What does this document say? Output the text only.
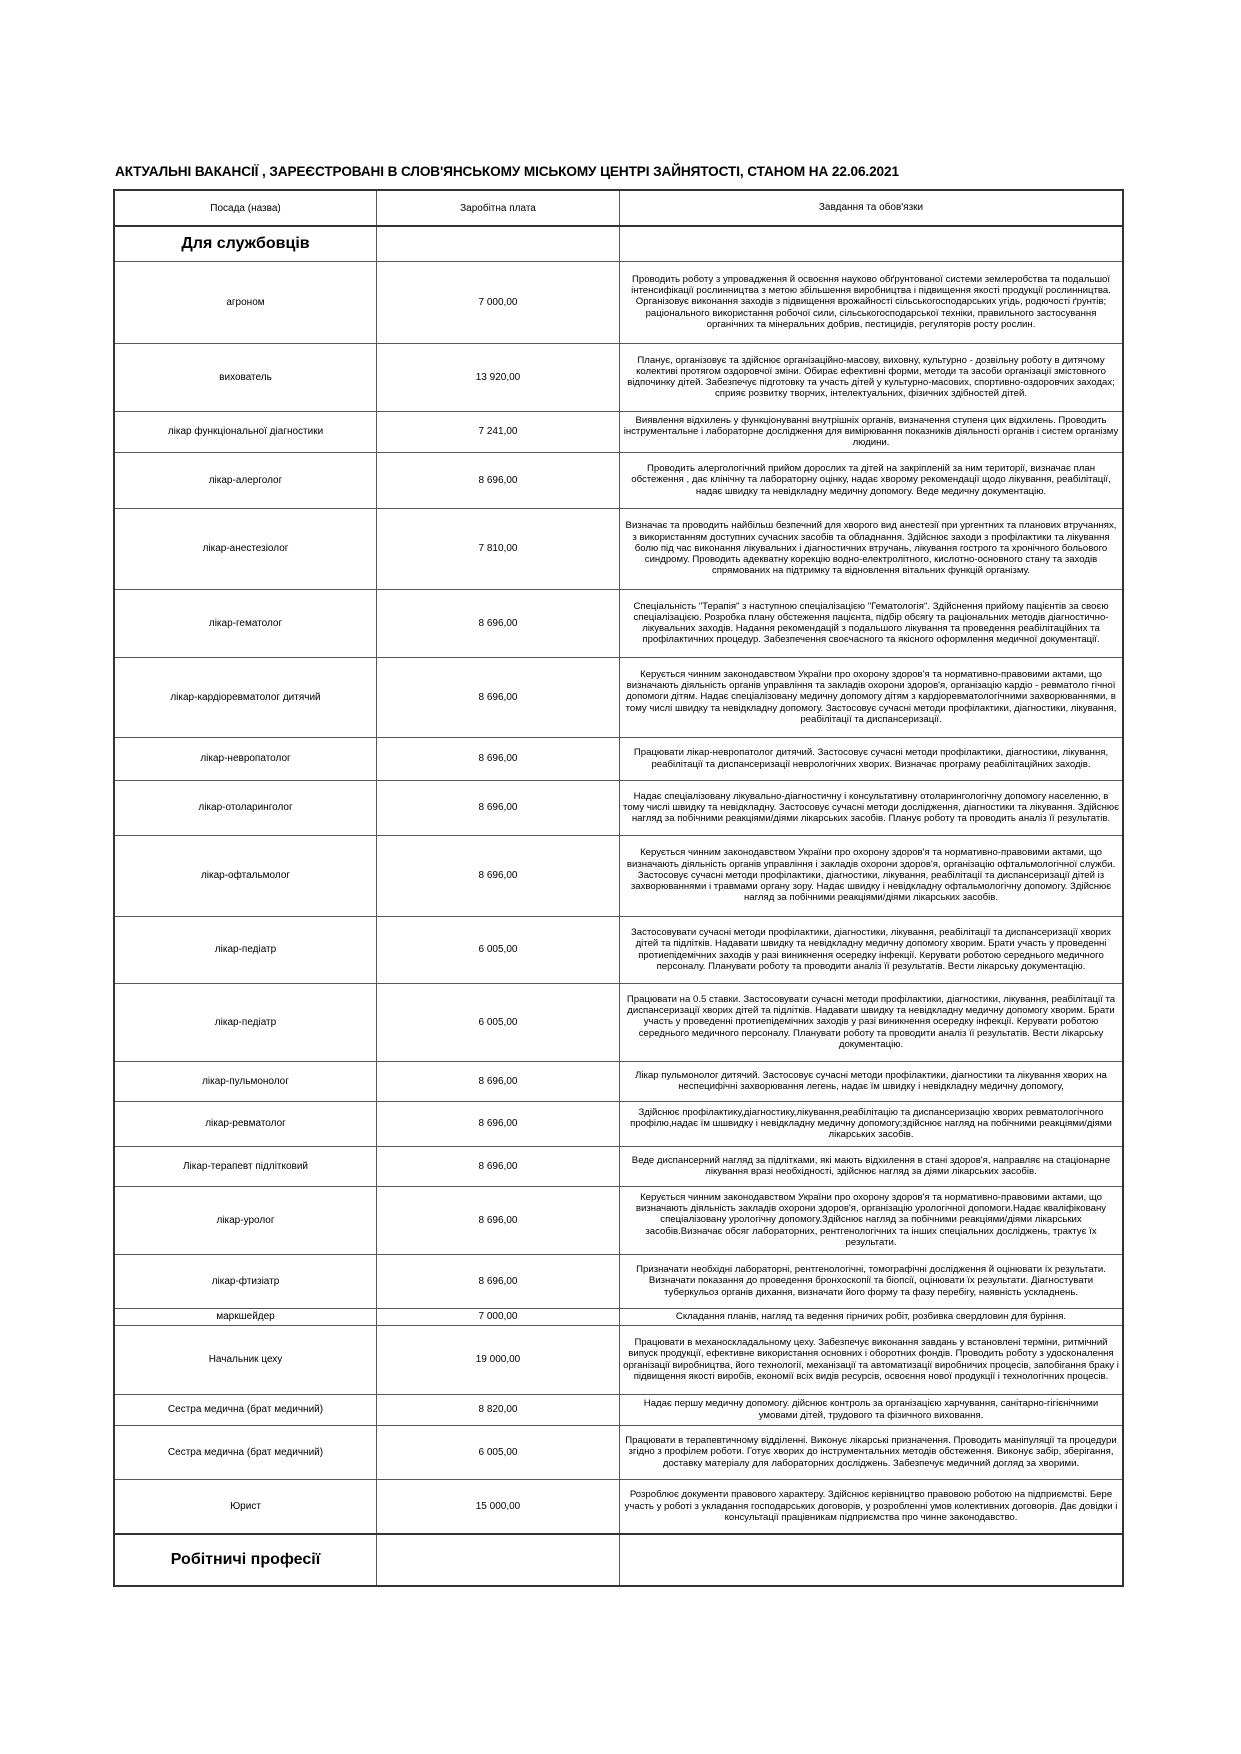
АКТУАЛЬНІ ВАКАНСІЇ , ЗАРЕЄСТРОВАНІ В СЛОВ'ЯНСЬКОМУ МІСЬКОМУ ЦЕНТРІ ЗАЙНЯТОСТІ, СТАНОМ НА 22.06.2021
Посада (назва)	Заробітна плата	Завдання та обов'язки
Для службовців		
агроном	7 000,00	Проводить роботу з упровадження й освоєння науково обґрунтованої системи землеробства та подальшої інтенсифікації рослинництва з метою збільшення виробництва і підвищення якості продукції рослинництва. Організовує виконання заходів з підвищення врожайності сільськогосподарських угідь, родючості ґрунтів; раціонального використання робочої сили, сільськогосподарської техніки, правильного застосування органічних та мінеральних добрив, пестицидів, регуляторів росту рослин.
вихователь	13 920,00	Планує, організовує та здійснює організаційно-масову, виховну, культурно - дозвільну роботу в дитячому колективі протягом оздоровчої зміни. Обирає ефективні форми, методи та засоби організації змістовного відпочинку дітей. Забезпечує підготовку та участь дітей у культурно-масових, спортивно-оздоровчих заходах; сприяє розвитку творчих, інтелектуальних, фізичних здібностей дітей.
лікар функціональної діагностики	7 241,00	Виявлення відхилень у функціонуванні внутрішніх органів, визначення ступеня цих відхилень. Проводить інструментальне і лабораторне дослідження для вимірювання показників діяльності органів і систем організму людини.
лікар-алерголог	8 696,00	Проводить алергологічний прийом дорослих та дітей на закріпленій за ним території, визначає план обстеження , дає клінічну та лабораторну оцінку, надає хворому рекомендації щодо лікування, реабілітації, надає швидку та невідкладну медичну допомогу. Веде медичну документацію.
лікар-анестезіолог	7 810,00	Визначає та проводить найбільш безпечний для хворого вид анестезії при ургентних та планових втручаннях, з використанням доступних сучасних засобів та обладнання. Здійснює заходи з профілактики та лікування болю під час виконання лікувальних і діагностичних втручань, лікування гострого та хронічного больового синдрому. Проводить адекватну корекцію водно-електролітного, кислотно-основного стану та заходів спрямованих на підтримку та відновлення вітальних функцій організму.
лікар-гематолог	8 696,00	Спеціальність "Терапія" з наступною спеціалізацією "Гематологія". Здійснення прийому пацієнтів за своєю спеціалізацією. Розробка плану обстеження пацієнта, підбір обсягу та раціональних методів діагностично-лікувальних заходів. Надання рекомендацій з подальшого лікування та проведення реабілітаційних та профілактичних процедур. Забезпечення своєчасного та якісного оформлення медичної документації.
лікар-кардіоревматолог дитячий	8 696,00	Керується чинним законодавством України про охорону здоров'я та нормативно-правовими актами, що визначають діяльність органів управління та закладів охорони здоров'я, організацію кардіо - ревматоло гічної допомоги дітям. Надає спеціалізовану медичну допомогу дітям з кардіоревматологічними захворюваннями, в тому числі швидку та невідкладну допомогу. Застосовує сучасні методи профілактики, діагностики, лікування, реабілітації та диспансеризації.
лікар-невропатолог	8 696,00	Працювати лікар-невропатолог дитячий. Застосовує сучасні методи профілактики, діагностики, лікування, реабілітації та диспансеризації неврологічних хворих. Визначає програму реабілітаційних заходів.
лікар-отоларинголог	8 696,00	Надає спеціалізовану лікувально-діагностичну і консультативну отоларингологічну допомогу населенню, в тому числі швидку та невідкладну. Застосовує сучасні методи дослідження, діагностики та лікування. Здійснює нагляд за побічними реакціями/діями лікарських засобів. Планує роботу та проводить аналіз її результатів.
лікар-офтальмолог	8 696,00	Керується чинним законодавством України про охорону здоров'я та нормативно-правовими актами, що визначають діяльність органів управління і закладів охорони здоров'я, організацію офтальмологічної служби. Застосовує сучасні методи профілактики, діагностики, лікування, реабілітації та диспансеризації дітей із захворюваннями і травмами органу зору. Надає швидку і невідкладну офтальмологічну допомогу. Здійснює нагляд за побічними реакціями/діями лікарських засобів.
лікар-педіатр	6 005,00	Застосовувати сучасні методи профілактики, діагностики, лікування, реабілітації та диспансеризації хворих дітей та підлітків. Надавати швидку та невідкладну медичну допомогу хворим. Брати участь у проведенні протиепідемічних заходів у разі виникнення осередку інфекції. Керувати роботою середнього медичного персоналу. Планувати роботу та проводити аналіз її результатів. Вести лікарську документацію.
лікар-педіатр	6 005,00	Працювати на 0.5 ставки. Застосовувати сучасні методи профілактики, діагностики, лікування, реабілітації та диспансеризації хворих дітей та підлітків. Надавати швидку та невідкладну медичну допомогу хворим. Брати участь у проведенні протиепідемічних заходів у разі виникнення осередку інфекції. Керувати роботою середнього медичного персоналу. Планувати роботу та проводити аналіз її результатів. Вести лікарську документацію.
лікар-пульмонолог	8 696,00	Лікар пульмонолог дитячий. Застосовує сучасні методи профілактики, діагностики та лікування хворих на неспецифічні захворювання легень, надає їм швидку і невідкладну медичну допомогу,
лікар-ревматолог	8 696,00	Здійснює профілактику,діагностику,лікування,реабілітацію та диспансеризацію хворих ревматологічного профілю,надає їм шшвидку і невідкладну медичну допомогу;здійснює нагляд на побічними реакціями/діями лікарських засобів.
Лікар-терапевт підлітковий	8 696,00	Веде диспансерний нагляд за підлітками, які мають відхилення в стані здоров'я, направляє на стаціонарне лікування вразі необхідності, здійснює нагляд за діями лікарських засобів.
лікар-уролог	8 696,00	Керується чинним законодавством України про охорону здоров'я та нормативно-правовими актами, що визначають діяльність закладів охорони здоров'я, організацію урологічної допомоги.Надає кваліфіковану спеціалізовану урологічну допомогу.Здійснює нагляд за побічними реакціями/діями лікарських засобів.Визначає обсяг лабораторних, рентгенологічних та інших спеціальних досліджень, трактує їх результати.
лікар-фтизіатр	8 696,00	Призначати необхідні лабораторні, рентгенологічні, томографічні дослідження й оцінювати їх результати. Визначати показання до проведення бронхоскопії та біопсії, оцінювати їх результати. Діагностувати туберкульоз органів дихання, визначати його форму та фазу перебігу, наявність ускладнень.
маркшейдер	7 000,00	Складання планів, нагляд та ведення гірничих робіт, розбивка свердловин для буріння.
Начальник цеху	19 000,00	Працювати в механоскладальному цеху. Забезпечує виконання завдань у встановлені терміни, ритмічний випуск продукції, ефективне використання основних і оборотних фондів. Проводить роботу з удосконалення організації виробництва, його технології, механізації та автоматизації виробничих процесів, запобігання браку і підвищення якості виробів, економії всіх видів ресурсів, освоєння нової продукції і технологічних процесів.
Сестра медична (брат медичний)	8 820,00	Надає першу медичну допомогу. дійснює контроль за організацією харчування, санітарно-гігієнічними умовами дітей, трудового та фізичного виховання.
Сестра медична (брат медичний)	6 005,00	Працювати в терапевтичному відділенні. Виконує лікарські призначення. Проводить маніпуляції та процедури згідно з профілем роботи. Готує хворих до інструментальних методів обстеження. Виконує забір, зберігання, доставку матеріалу для лабораторних досліджень. Забезпечує медичний догляд за хворими.
Юрист	15 000,00	Розроблює документи правового характеру. Здійснює керівництво правовою роботою на підприємстві. Бере участь у роботі з укладання господарських договорів, у розробленні умов колективних договорів. Дає довідки і консультації працівникам підприємства про чинне законодавство.
Робітничі професії		
